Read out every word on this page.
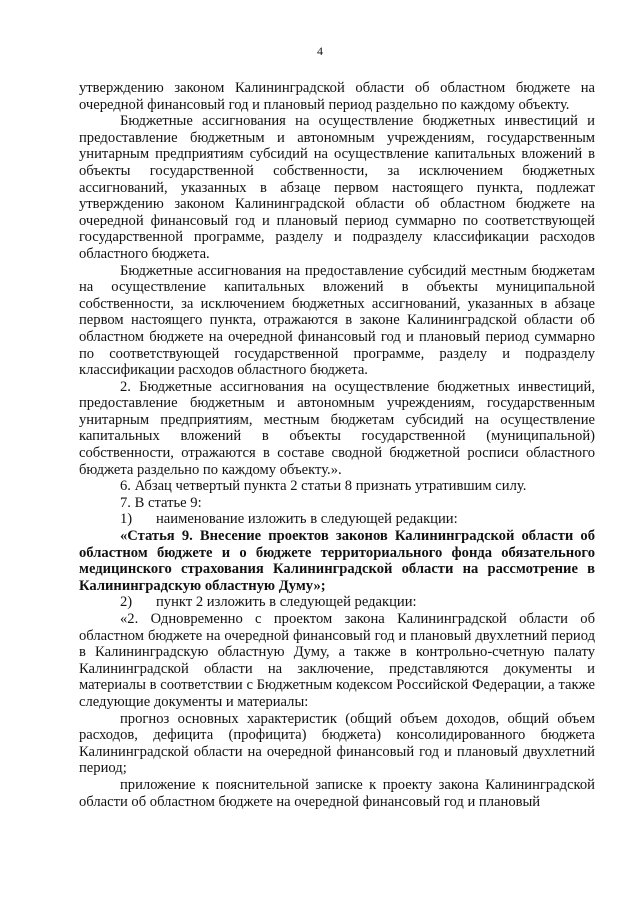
4

утверждению законом Калининградской области об областном бюджете на очередной финансовый год и плановый период раздельно по каждому объекту.

Бюджетные ассигнования на осуществление бюджетных инвестиций и предоставление бюджетным и автономным учреждениям, государственным унитарным предприятиям субсидий на осуществление капитальных вложений в объекты государственной собственности, за исключением бюджетных ассигнований, указанных в абзаце первом настоящего пункта, подлежат утверждению законом Калининградской области об областном бюджете на очередной финансовый год и плановый период суммарно по соответствующей государственной программе, разделу и подразделу классификации расходов областного бюджета.

Бюджетные ассигнования на предоставление субсидий местным бюджетам на осуществление капитальных вложений в объекты муниципальной собственности, за исключением бюджетных ассигнований, указанных в абзаце первом настоящего пункта, отражаются в законе Калининградской области об областном бюджете на очередной финансовый год и плановый период суммарно по соответствующей государственной программе, разделу и подразделу классификации расходов областного бюджета.

2. Бюджетные ассигнования на осуществление бюджетных инвестиций, предоставление бюджетным и автономным учреждениям, государственным унитарным предприятиям, местным бюджетам субсидий на осуществление капитальных вложений в объекты государственной (муниципальной) собственности, отражаются в составе сводной бюджетной росписи областного бюджета раздельно по каждому объекту.».

6. Абзац четвертый пункта 2 статьи 8 признать утратившим силу.

7. В статье 9:

1) наименование изложить в следующей редакции:

«Статья 9. Внесение проектов законов Калининградской области об областном бюджете и о бюджете территориального фонда обязательного медицинского страхования Калининградской области на рассмотрение в Калининградскую областную Думу»;

2) пункт 2 изложить в следующей редакции:

«2. Одновременно с проектом закона Калининградской области об областном бюджете на очередной финансовый год и плановый двухлетний период в Калининградскую областную Думу, а также в контрольно-счетную палату Калининградской области на заключение, представляются документы и материалы в соответствии с Бюджетным кодексом Российской Федерации, а также следующие документы и материалы:

прогноз основных характеристик (общий объем доходов, общий объем расходов, дефицита (профицита) бюджета) консолидированного бюджета Калининградской области на очередной финансовый год и плановый двухлетний период;

приложение к пояснительной записке к проекту закона Калининградской области об областном бюджете на очередной финансовый год и плановый
